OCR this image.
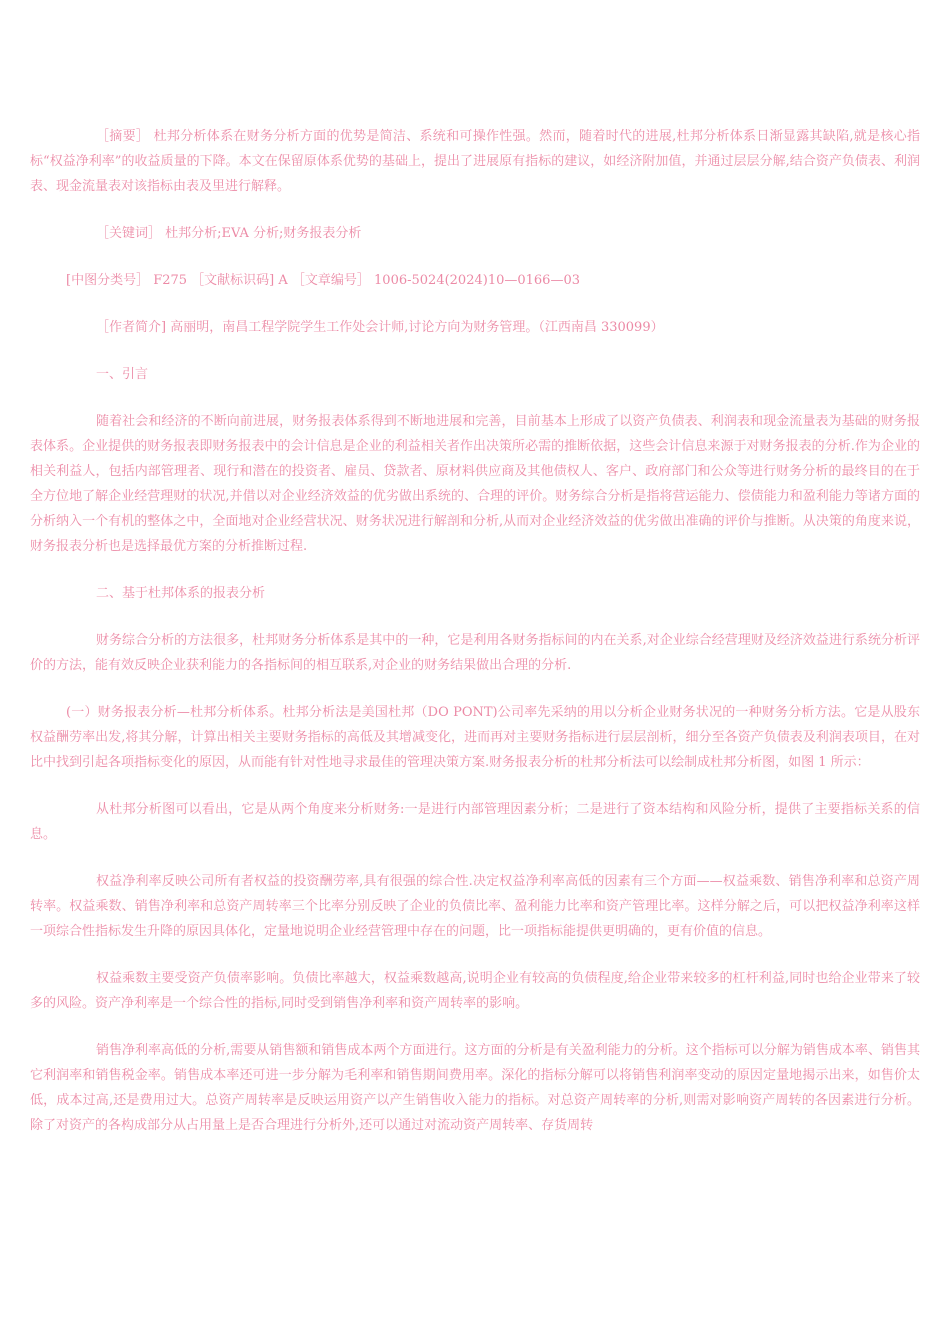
［摘要］ 杜邦分析体系在财务分析方面的优势是简洁、系统和可操作性强。然而，随着时代的进展,杜邦分析体系日渐显露其缺陷,就是核心指标“权益净利率”的收益质量的下降。本文在保留原体系优势的基础上，提出了进展原有指标的建议，如经济附加值，并通过层层分解,结合资产负债表、利润表、现金流量表对该指标由表及里进行解释。

［关键词］ 杜邦分析;EVA 分析;财务报表分析

[中图分类号］ F275 ［文献标识码] A ［文章编号］ 1006-5024(2024)10—0166—03

［作者简介] 高丽明，南昌工程学院学生工作处会计师,讨论方向为财务管理。（江西南昌 330099）

一、引言

随着社会和经济的不断向前进展，财务报表体系得到不断地进展和完善，目前基本上形成了以资产负债表、利润表和现金流量表为基础的财务报表体系。企业提供的财务报表即财务报表中的会计信息是企业的利益相关者作出决策所必需的推断依据，这些会计信息来源于对财务报表的分析.作为企业的相关利益人，包括内部管理者、现行和潜在的投资者、雇员、贷款者、原材料供应商及其他债权人、客户、政府部门和公众等进行财务分析的最终目的在于全方位地了解企业经营理财的状况,并借以对企业经济效益的优劣做出系统的、合理的评价。财务综合分析是指将营运能力、偿债能力和盈利能力等诸方面的分析纳入一个有机的整体之中，全面地对企业经营状况、财务状况进行解剖和分析,从而对企业经济效益的优劣做出准确的评价与推断。从决策的角度来说，财务报表分析也是选择最优方案的分析推断过程.

二、基于杜邦体系的报表分析

财务综合分析的方法很多，杜邦财务分析体系是其中的一种，它是利用各财务指标间的内在关系,对企业综合经营理财及经济效益进行系统分析评价的方法，能有效反映企业获利能力的各指标间的相互联系,对企业的财务结果做出合理的分析.

(一）财务报表分析—杜邦分析体系。杜邦分析法是美国杜邦（DO PONT)公司率先采纳的用以分析企业财务状况的一种财务分析方法。它是从股东权益酬劳率出发,将其分解，计算出相关主要财务指标的高低及其增减变化，进而再对主要财务指标进行层层剖析，细分至各资产负债表及利润表项目，在对比中找到引起各项指标变化的原因，从而能有针对性地寻求最佳的管理决策方案.财务报表分析的杜邦分析法可以绘制成杜邦分析图，如图 1 所示：

从杜邦分析图可以看出，它是从两个角度来分析财务:一是进行内部管理因素分析；二是进行了资本结构和风险分析，提供了主要指标关系的信息。

权益净利率反映公司所有者权益的投资酬劳率,具有很强的综合性.决定权益净利率高低的因素有三个方面——权益乘数、销售净利率和总资产周转率。权益乘数、销售净利率和总资产周转率三个比率分别反映了企业的负债比率、盈利能力比率和资产管理比率。这样分解之后，可以把权益净利率这样一项综合性指标发生升降的原因具体化，定量地说明企业经营管理中存在的问题，比一项指标能提供更明确的，更有价值的信息。

权益乘数主要受资产负债率影响。负债比率越大，权益乘数越高,说明企业有较高的负债程度,给企业带来较多的杠杆利益,同时也给企业带来了较多的风险。资产净利率是一个综合性的指标,同时受到销售净利率和资产周转率的影响。

销售净利率高低的分析,需要从销售额和销售成本两个方面进行。这方面的分析是有关盈利能力的分析。这个指标可以分解为销售成本率、销售其它利润率和销售税金率。销售成本率还可进一步分解为毛利率和销售期间费用率。深化的指标分解可以将销售利润率变动的原因定量地揭示出来，如售价太低，成本过高,还是费用过大。总资产周转率是反映运用资产以产生销售收入能力的指标。对总资产周转率的分析,则需对影响资产周转的各因素进行分析。除了对资产的各构成部分从占用量上是否合理进行分析外,还可以通过对流动资产周转率、存货周转
